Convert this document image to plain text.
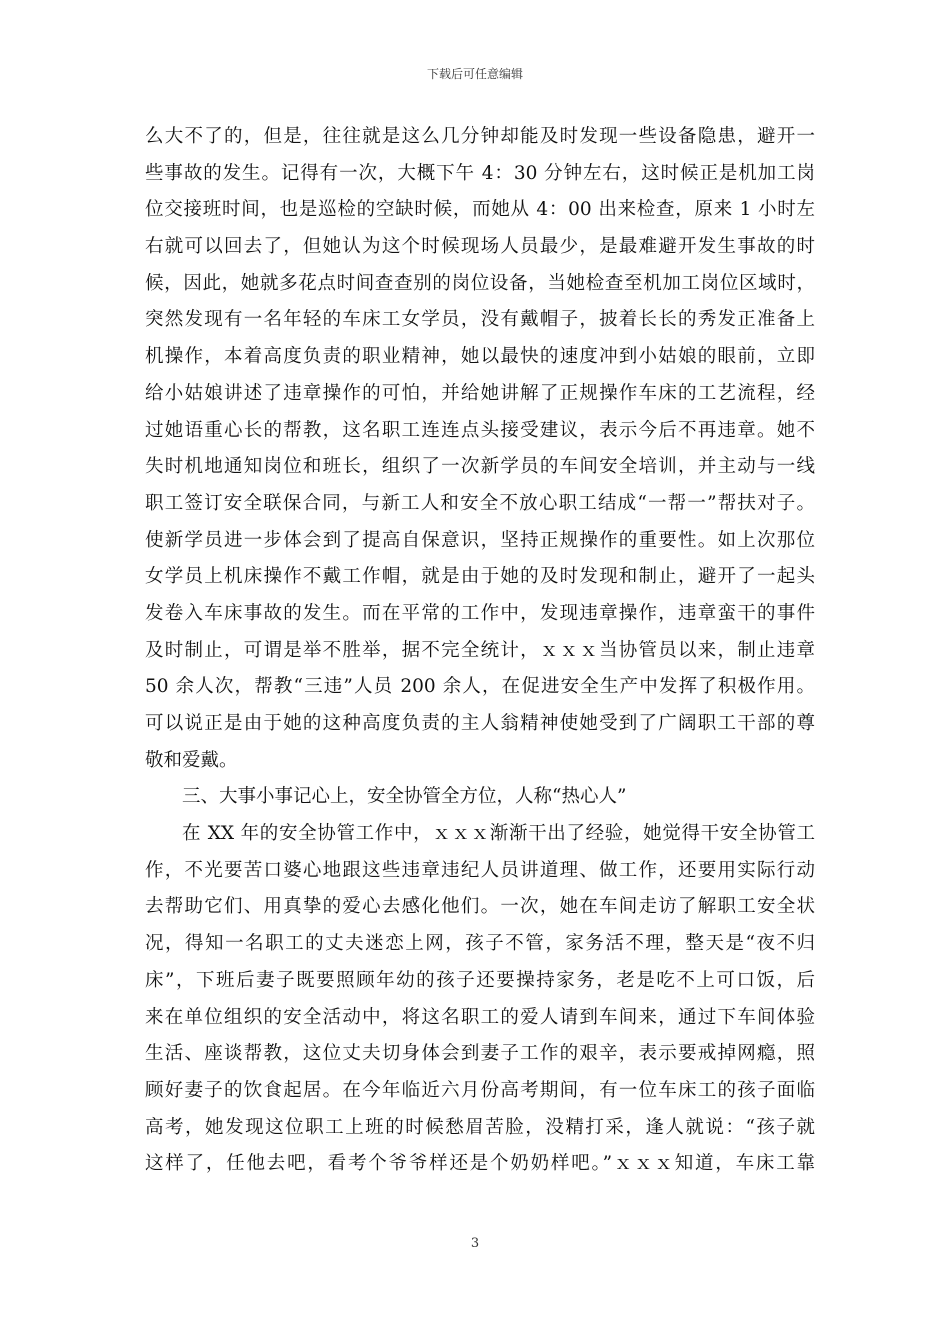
下载后可任意编辑
么大不了的，但是，往往就是这么几分钟却能及时发现一些设备隐患，避开一
些事故的发生。记得有一次，大概下午 4：30 分钟左右，这时候正是机加工岗
位交接班时间，也是巡检的空缺时候，而她从 4：00 出来检查，原来 1 小时左
右就可以回去了，但她认为这个时候现场人员最少，是最难避开发生事故的时
候，因此，她就多花点时间查查别的岗位设备，当她检查至机加工岗位区域时，
突然发现有一名年轻的车床工女学员，没有戴帽子，披着长长的秀发正准备上
机操作，本着高度负责的职业精神，她以最快的速度冲到小姑娘的眼前，立即
给小姑娘讲述了违章操作的可怕，并给她讲解了正规操作车床的工艺流程，经
过她语重心长的帮教，这名职工连连点头接受建议，表示今后不再违章。她不
失时机地通知岗位和班长，组织了一次新学员的车间安全培训，并主动与一线
职工签订安全联保合同，与新工人和安全不放心职工结成“一帮一”帮扶对子。
使新学员进一步体会到了提高自保意识，坚持正规操作的重要性。如上次那位
女学员上机床操作不戴工作帽，就是由于她的及时发现和制止，避开了一起头
发卷入车床事故的发生。而在平常的工作中，发现违章操作，违章蛮干的事件
及时制止，可谓是举不胜举，据不完全统计，ｘｘｘ当协管员以来，制止违章
50 余人次，帮教“三违”人员 200 余人，在促进安全生产中发挥了积极作用。
可以说正是由于她的这种高度负责的主人翁精神使她受到了广阔职工干部的尊
敬和爱戴。
三、大事小事记心上，安全协管全方位，人称“热心人”
在 XX 年的安全协管工作中，ｘｘｘ渐渐干出了经验，她觉得干安全协管工
作，不光要苦口婆心地跟这些违章违纪人员讲道理、做工作，还要用实际行动
去帮助它们、用真挚的爱心去感化他们。一次，她在车间走访了解职工安全状
况，得知一名职工的丈夫迷恋上网，孩子不管，家务活不理，整天是“夜不归
床”，下班后妻子既要照顾年幼的孩子还要操持家务，老是吃不上可口饭，后
来在单位组织的安全活动中，将这名职工的爱人请到车间来，通过下车间体验
生活、座谈帮教，这位丈夫切身体会到妻子工作的艰辛，表示要戒掉网瘾，照
顾好妻子的饮食起居。在今年临近六月份高考期间，有一位车床工的孩子面临
高考，她发现这位职工上班的时候愁眉苦脸，没精打采，逢人就说：“孩子就
这样了，任他去吧，看考个爷爷样还是个奶奶样吧。”ｘｘｘ知道，车床工靠
3
